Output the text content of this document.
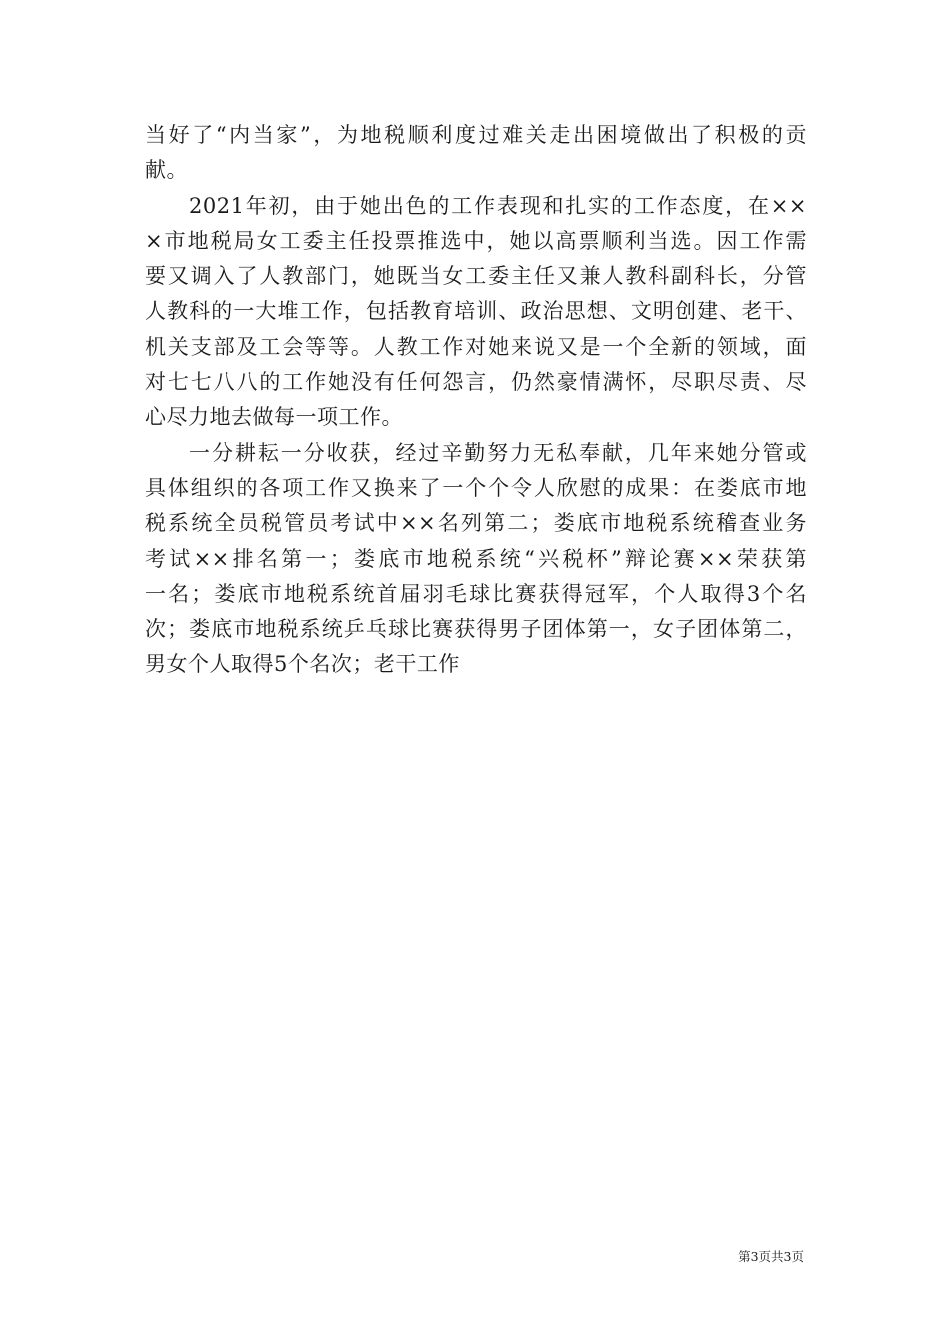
当好了“内当家”，为地税顺利度过难关走出困境做出了积极的贡
献。
2021年初，由于她出色的工作表现和扎实的工作态度，在××
×市地税局女工委主任投票推选中，她以高票顺利当选。因工作需
要又调入了人教部门，她既当女工委主任又兼人教科副科长，分管
人教科的一大堆工作，包括教育培训、政治思想、文明创建、老干、
机关支部及工会等等。人教工作对她来说又是一个全新的领域，面
对七七八八的工作她没有任何怨言，仍然豪情满怀，尽职尽责、尽
心尽力地去做每一项工作。
一分耕耘一分收获，经过辛勤努力无私奉献，几年来她分管或
具体组织的各项工作又换来了一个个令人欣慰的成果：在娄底市地
税系统全员税管员考试中××名列第二；娄底市地税系统稽查业务
考试××排名第一；娄底市地税系统“兴税杯”辩论赛××荣获第
一名；娄底市地税系统首届羽毛球比赛获得冠军，个人取得3个名
次；娄底市地税系统乒乓球比赛获得男子团体第一，女子团体第二，
男女个人取得5个名次；老干工作
第3页共3页
